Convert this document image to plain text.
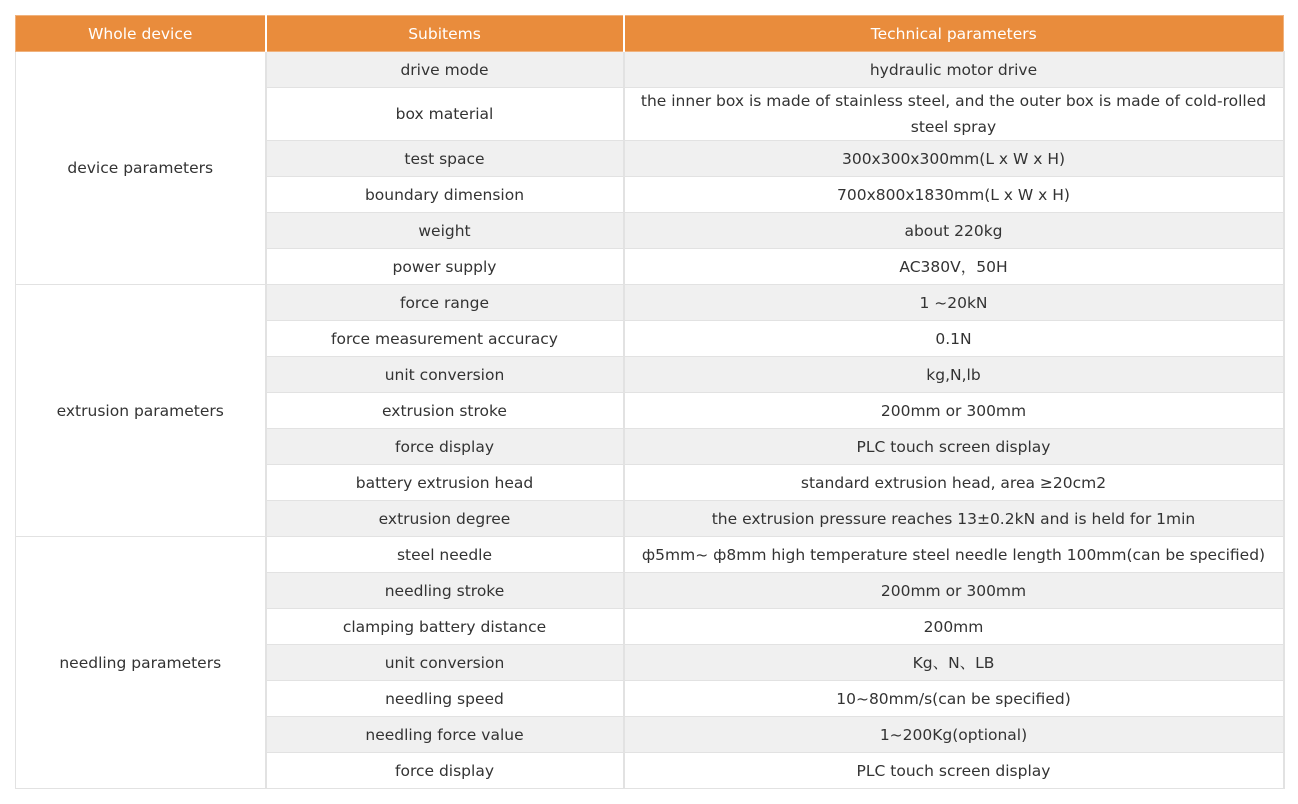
Whole device	Subitems	Technical parameters
device parameters	drive mode	hydraulic motor drive
	box material	the inner box is made of stainless steel, and the outer box is made of cold-rolled steel spray
	test space	300x300x300mm(L x W x H)
	boundary dimension	700x800x1830mm(L x W x H)
	weight	about 220kg
	power supply	AC380V，50H
extrusion parameters	force range	1 ~20kN
	force measurement accuracy	0.1N
	unit conversion	kg,N,lb
	extrusion stroke	200mm or 300mm
	force display	PLC touch screen display
	battery extrusion head	standard extrusion head, area ≥20cm2
	extrusion degree	the extrusion pressure reaches 13±0.2kN and is held for 1min
needling parameters	steel needle	ф5mm~ ф8mm high temperature steel needle length 100mm(can be specified)
	needling stroke	200mm or 300mm
	clamping battery distance	200mm
	unit conversion	Kg、N、LB
	needling speed	10~80mm/s(can be specified)
	needling force value	1~200Kg(optional)
	force display	PLC touch screen display
